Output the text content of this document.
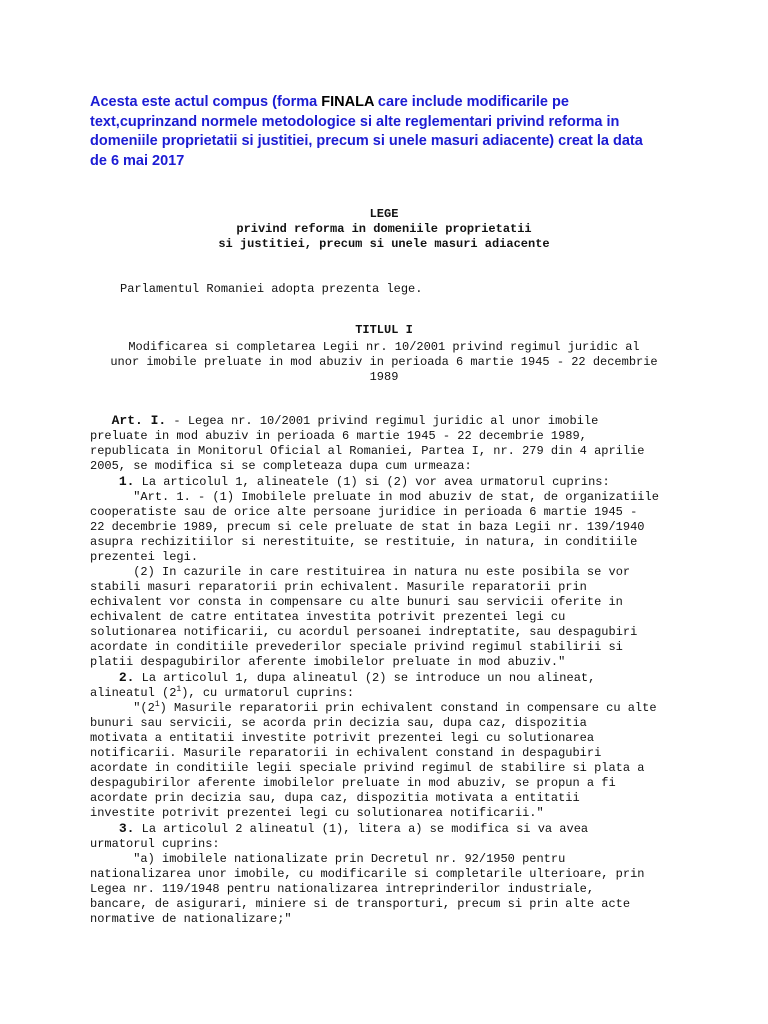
Acesta este actul compus (forma FINALA care include modificarile pe text,cuprinzand normele metodologice si alte reglementari privind reforma in domeniile proprietatii si justitiei, precum si unele masuri adiacente) creat la data de 6 mai 2017
LEGE
privind reforma in domeniile proprietatii
si justitiei, precum si unele masuri adiacente
Parlamentul Romaniei adopta prezenta lege.
TITLUL I
Modificarea si completarea Legii nr. 10/2001 privind regimul juridic al
unor imobile preluate in mod abuziv in perioada 6 martie 1945 - 22 decembrie
1989

Art. I. - Legea nr. 10/2001 privind regimul juridic al unor imobile

preluate in mod abuziv in perioada 6 martie 1945 - 22 decembrie 1989,

republicata in Monitorul Oficial al Romaniei, Partea I, nr. 279 din 4 aprilie

2005, se modifica si se completeaza dupa cum urmeaza:

1. La articolul 1, alineatele (1) si (2) vor avea urmatorul cuprins:

"Art. 1. - (1) Imobilele preluate in mod abuziv de stat, de organizatiile

cooperatiste sau de orice alte persoane juridice in perioada 6 martie 1945 -

22 decembrie 1989, precum si cele preluate de stat in baza Legii nr. 139/1940

asupra rechizitiilor si nerestituite, se restituie, in natura, in conditiile

prezentei legi.

(2) In cazurile in care restituirea in natura nu este posibila se vor

stabili masuri reparatorii prin echivalent. Masurile reparatorii prin

echivalent vor consta in compensare cu alte bunuri sau servicii oferite in

echivalent de catre entitatea investita potrivit prezentei legi cu

solutionarea notificarii, cu acordul persoanei indreptatite, sau despagubiri

acordate in conditiile prevederilor speciale privind regimul stabilirii si

platii despagubirilor aferente imobilelor preluate in mod abuziv."

2. La articolul 1, dupa alineatul (2) se introduce un nou alineat,

alineatul $(2^1)$, cu urmatorul cuprins:

"$(2^1)$ Masurile reparatorii prin echivalent constand in compensare cu alte

bunuri sau servicii, se acorda prin decizia sau, dupa caz, dispozitia

motivata a entitatii investite potrivit prezentei legi cu solutionarea

notificarii. Masurile reparatorii in echivalent constand in despagubiri

acordate in conditiile legii speciale privind regimul de stabilire si plata a

despagubirilor aferente imobilelor preluate in mod abuziv, se propun a fi

acordate prin decizia sau, dupa caz, dispozitia motivata a entitatii

investite potrivit prezentei legi cu solutionarea notificarii."

3. La articolul 2 alineatul (1), litera a) se modifica si va avea

urmatorul cuprins:

"a) imobilele nationalizate prin Decretul nr. 92/1950 pentru

nationalizarea unor imobile, cu modificarile si completarile ulterioare, prin

Legea nr. 119/1948 pentru nationalizarea intreprinderilor industriale,

bancare, de asigurari, miniere si de transporturi, precum si prin alte acte

normative de nationalizare;"
